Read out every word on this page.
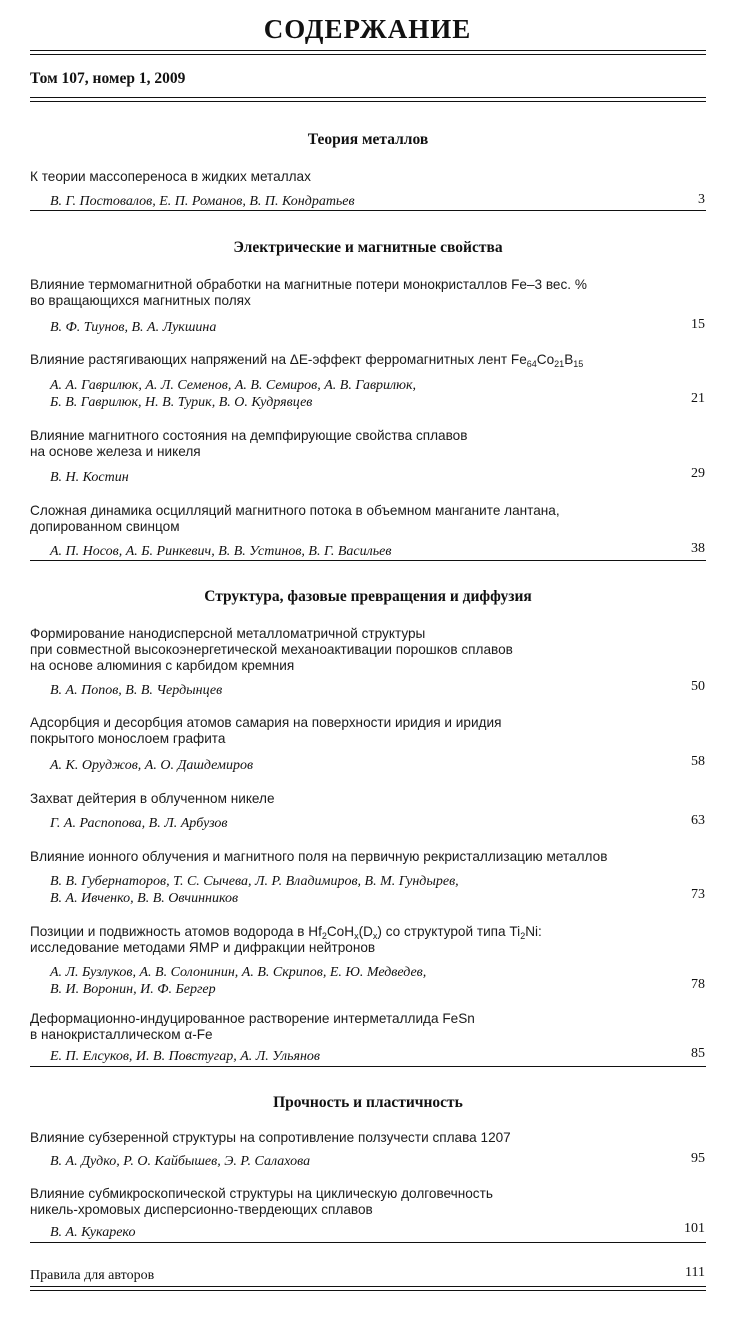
СОДЕРЖАНИЕ
Том 107, номер 1, 2009
Теория металлов
К теории массопереноса в жидких металлах
В. Г. Постовалов, Е. П. Романов, В. П. Кондратьев	3
Электрические и магнитные свойства
Влияние термомагнитной обработки на магнитные потери монокристаллов Fe–3 вес. %
во вращающихся магнитных полях
В. Ф. Тиунов, В. А. Лукшина	15
Влияние растягивающих напряжений на ΔE-эффект ферромагнитных лент $Fe_{64}Co_{21}B_{15}$
А. А. Гаврилюк, А. Л. Семенов, А. В. Семиров, А. В. Гаврилюк,
Б. В. Гаврилюк, Н. В. Турик, В. О. Кудрявцев	21
Влияние магнитного состояния на демпфирующие свойства сплавов
на основе железа и никеля
В. Н. Костин	29
Сложная динамика осцилляций магнитного потока в объемном манганите лантана,
допированном свинцом
А. П. Носов, А. Б. Ринкевич, В. В. Устинов, В. Г. Васильев	38
Структура, фазовые превращения и диффузия
Формирование нанодисперсной металломатричной структуры
при совместной высокоэнергетической механоактивации порошков сплавов
на основе алюминия с карбидом кремния
В. А. Попов, В. В. Чердынцев	50
Адсорбция и десорбция атомов самария на поверхности иридия и иридия
покрытого монослоем графита
А. К. Оруджов, А. О. Дашдемиров	58
Захват дейтерия в облученном никеле
Г. А. Распопова, В. Л. Арбузов	63
Влияние ионного облучения и магнитного поля на первичную рекристаллизацию металлов
В. В. Губернаторов, Т. С. Сычева, Л. Р. Владимиров, В. М. Гундырев,
В. А. Ивченко, В. В. Овчинников	73
Позиции и подвижность атомов водорода в $Hf_2CoH_x(D_x)$ со структурой типа $Ti_2Ni$:
исследование методами ЯМР и дифракции нейтронов
А. Л. Бузлуков, А. В. Солонинин, А. В. Скрипов, Е. Ю. Медведев,
В. И. Воронин, И. Ф. Бергер	78
Деформационно-индуцированное растворение интерметаллида FeSn
в нанокристаллическом α-Fe
Е. П. Елсуков, И. В. Повстугар, А. Л. Ульянов	85
Прочность и пластичность
Влияние субзеренной структуры на сопротивление ползучести сплава 1207
В. А. Дудко, Р. О. Кайбышев, Э. Р. Салахова	95
Влияние субмикроскопической структуры на циклическую долговечность
никель-хромовых дисперсионно-твердеющих сплавов
В. А. Кукареко	101
Правила для авторов	111
